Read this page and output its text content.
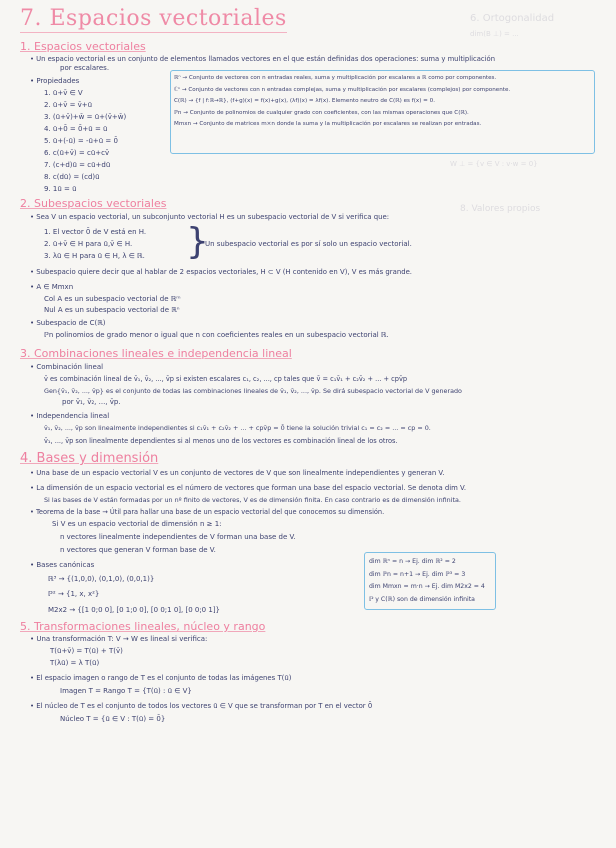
6. Ortogonalidad
dim(B ⊥) = ...
W ⊥ = {v ∈ V : v·w = 0}
8. Valores propios
7. Espacios vectoriales
1. Espacios vectoriales
• Un espacio vectorial es un conjunto de elementos llamados vectores en el que están definidas dos operaciones: suma y multiplicación
por escalares.
• Propiedades
1. ū+v̄ ∈ V
2. ū+v̄ = v̄+ū
3. (ū+v̄)+w̄ = ū+(v̄+w̄)
4. ū+0̄ = 0̄+ū = ū
5. ū+(-ū) = -ū+ū = 0̄
6. c(ū+v̄) = cū+cv̄
7. (c+d)ū = cū+dū
8. c(dū) = (cd)ū
9. 1ū = ū
ℝⁿ → Conjunto de vectores con n entradas reales, suma y multiplicación por escalares a ℝ como por componentes.
ℂⁿ → Conjunto de vectores con n entradas complejas, suma y multiplicación por escalares (complejos) por componente.
C(ℝ) → {f | f:ℝ→ℝ}, (f+g)(x) = f(x)+g(x), (λf)(x) = λf(x). Elemento neutro de C(ℝ) es f(x) = 0.
ℙn → Conjunto de polinomios de cualquier grado con coeficientes, con las mismas operaciones que C(ℝ).
Mmxn → Conjunto de matrices m×n donde la suma y la multiplicación por escalares se realizan por entradas.
2. Subespacios vectoriales
• Sea V un espacio vectorial, un subconjunto vectorial H es un subespacio vectorial de V si verifica que:
1. El vector 0̄ de V está en H.
2. ū+v̄ ∈ H para ū,v̄ ∈ H.
3. λū ∈ H para ū ∈ H, λ ∈ ℝ. }
Un subespacio vectorial es por sí solo un espacio vectorial.
• Subespacio quiere decir que al hablar de 2 espacios vectoriales, H ⊂ V (H contenido en V), V es más grande.
• A ∈ Mmxn
Col A es un subespacio vectorial de ℝᵐ
Nul A es un subespacio vectorial de ℝⁿ
• Subespacio de C(ℝ)
ℙn polinomios de grado menor o igual que n con coeficientes reales en un subespacio vectorial ℝ.
3. Combinaciones lineales e independencia lineal
• Combinación lineal
v̄ es combinación lineal de v̄₁, v̄₂, ..., v̄p si existen escalares c₁, c₂, ..., cp tales que v̄ = c₁v̄₁ + c₂v̄₂ + ... + cpv̄p
Gen{v̄₁, v̄₂, ..., v̄p} es el conjunto de todas las combinaciones lineales de v̄₁, v̄₂, ..., v̄p. Se dirá subespacio vectorial de V generado
por v̄₁, v̄₂, ..., v̄p.
• Independencia lineal
v̄₁, v̄₂, ..., v̄p son linealmente independientes si c₁v̄₁ + c₂v̄₂ + ... + cpv̄p = 0̄ tiene la solución trivial c₁ = c₂ = ... = cp = 0.
v̄₁, ..., v̄p son linealmente dependientes si al menos uno de los vectores es combinación lineal de los otros.
4. Bases y dimensión
• Una base de un espacio vectorial V es un conjunto de vectores de V que son linealmente independientes y generan V.
• La dimensión de un espacio vectorial es el número de vectores que forman una base del espacio vectorial. Se denota dim V.
Si las bases de V están formadas por un nº finito de vectores, V es de dimensión finita. En caso contrario es de dimensión infinita.
• Teorema de la base → Útil para hallar una base de un espacio vectorial del que conocemos su dimensión.
Si V es un espacio vectorial de dimensión n ≥ 1:
n vectores linealmente independientes de V forman una base de V.
n vectores que generan V forman base de V.
• Bases canónicas
ℝ³ → {(1,0,0), (0,1,0), (0,0,1)}
ℙ² → {1, x, x²}
M2x2 → {[1 0;0 0], [0 1;0 0], [0 0;1 0], [0 0;0 1]}
dim ℝⁿ = n → Ej. dim ℝ² = 2
dim ℙn = n+1 → Ej. dim ℙ³ = 3
dim Mmxn = m·n → Ej. dim M2x2 = 4
ℙ y C(ℝ) son de dimensión infinita
5. Transformaciones lineales, núcleo y rango
• Una transformación T: V → W es lineal si verifica:
T(ū+v̄) = T(ū) + T(v̄)
T(λū) = λ T(ū)
• El espacio imagen o rango de T es el conjunto de todas las imágenes T(ū)
Imagen T = Rango T = {T(ū) : ū ∈ V}
• El núcleo de T es el conjunto de todos los vectores ū ∈ V que se transforman por T en el vector 0̄
Núcleo T = {ū ∈ V : T(ū) = 0̄}
